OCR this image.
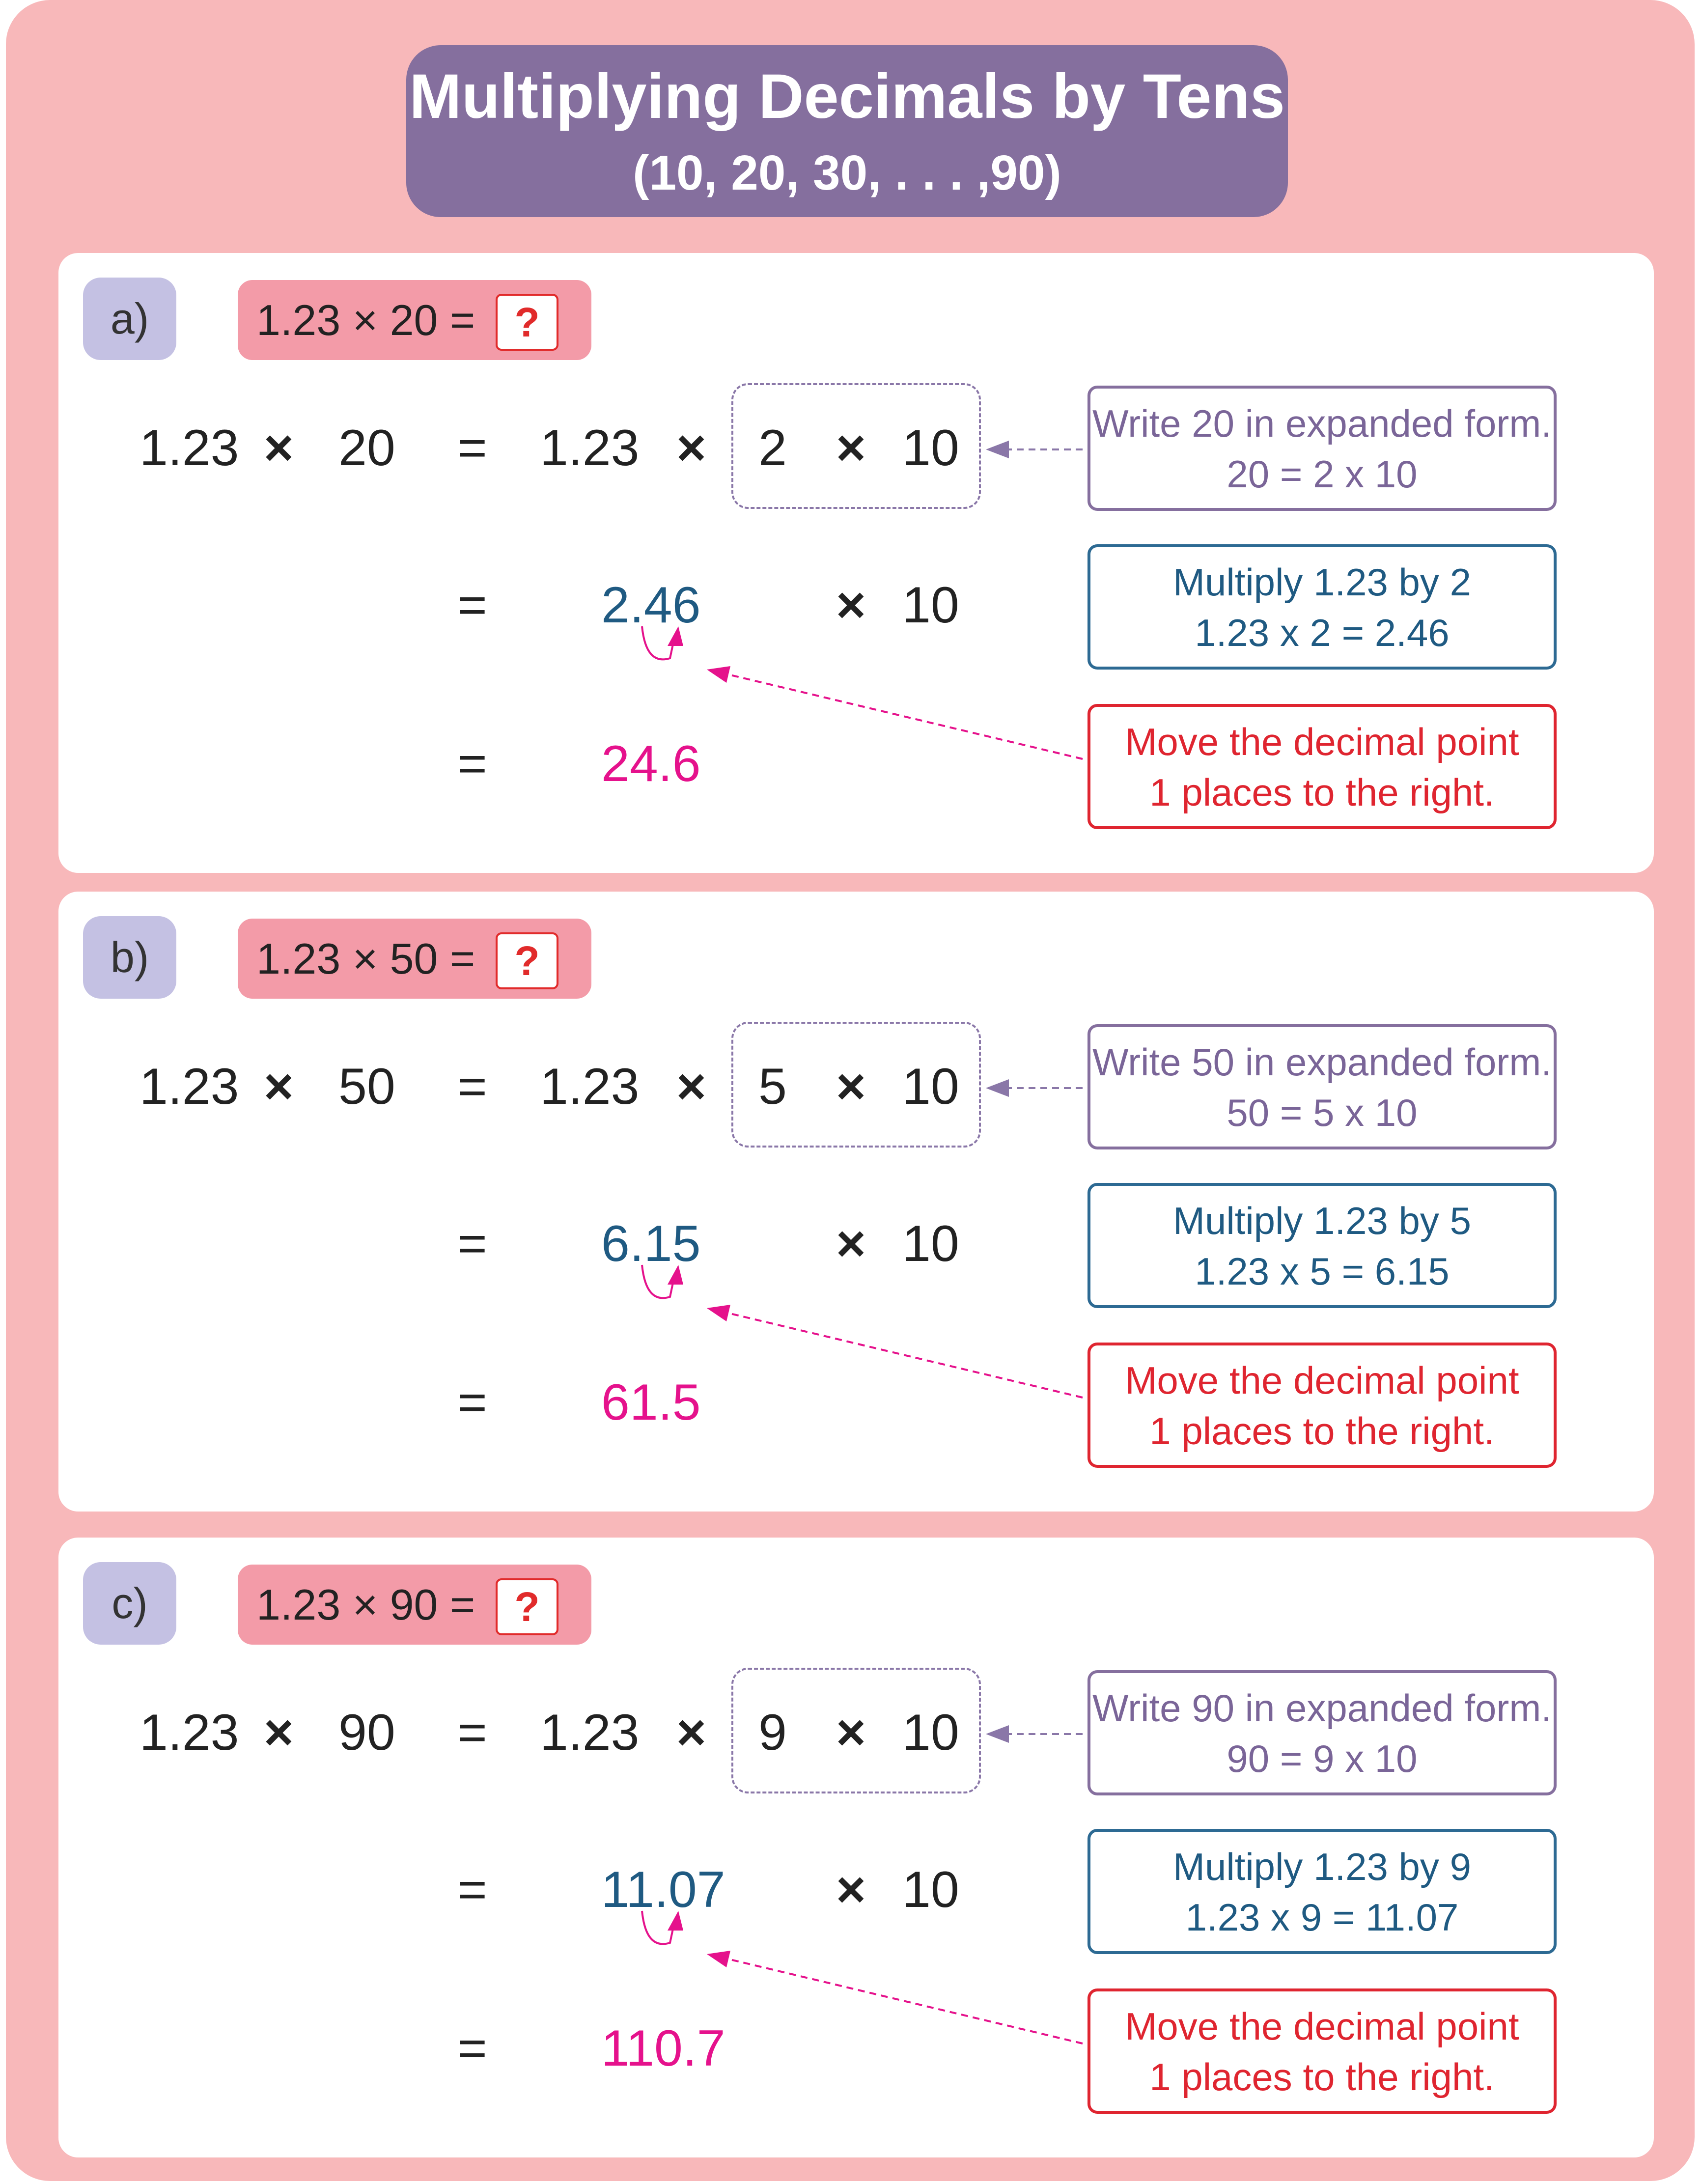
Multiplying Decimals by Tens
(10, 20, 30, . . . ,90)
a)	1.23 × 20 = ?
1.23 × 20 = 1.23 × 2 × 10
= 2.46	× 10
= 24.6
Write 20 in expanded form.
20 = 2 x 10
Multiply 1.23 by 2
1.23 x 2 = 2.46
Move the decimal point
1 places to the right.
b)	1.23 × 50 = ?
1.23 × 50 = 1.23 × 5 × 10
= 6.15	× 10
= 61.5
Write 50 in expanded form.
50 = 5 x 10
Multiply 1.23 by 5
1.23 x 5 = 6.15
Move the decimal point
1 places to the right.
c)	1.23 × 90 = ?
1.23 × 90 = 1.23 × 9 × 10
= 11.07 × 10
= 110.7
Write 90 in expanded form.
90 = 9 x 10
Multiply 1.23 by 9
1.23 x 9 = 11.07
Move the decimal point
1 places to the right.
